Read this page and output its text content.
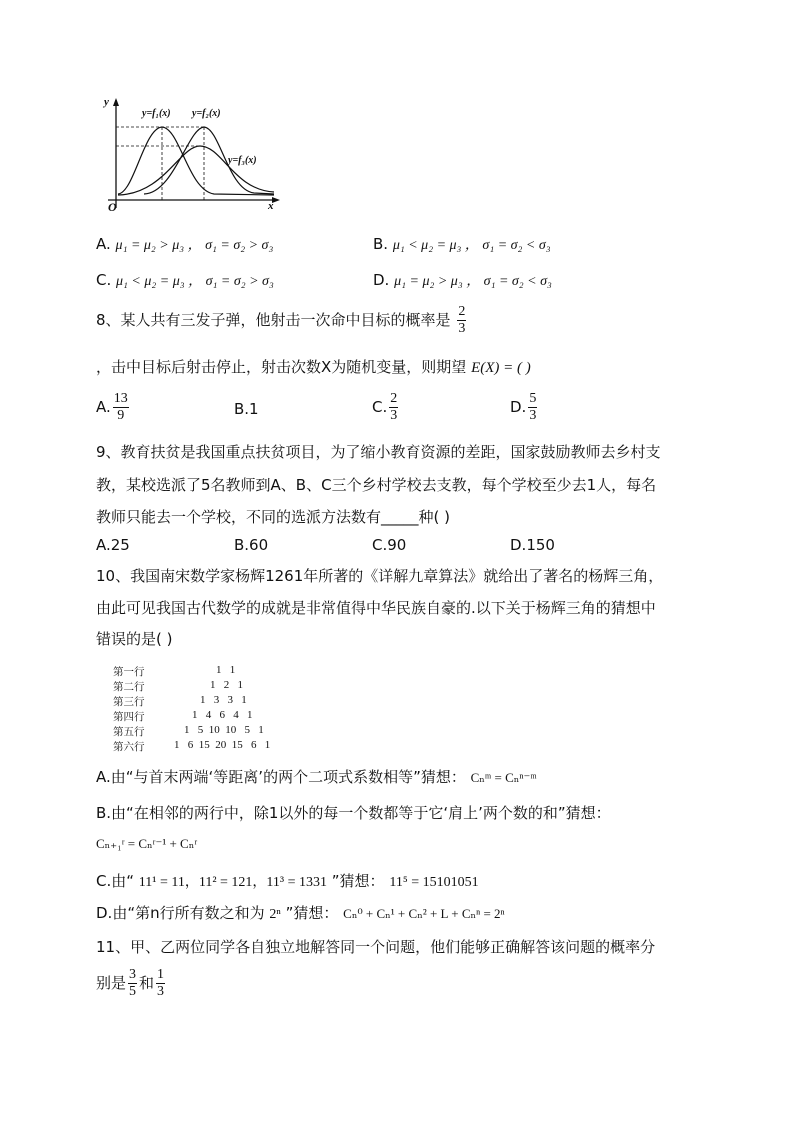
y
x
O
y=f₁(x) y=f₂(x)
y=f₃(x)
A. μ₁ = μ₂ > μ₃ ， σ₁ = σ₂ > σ₃	B. μ₁ < μ₂ = μ₃ ， σ₁ = σ₂ < σ₃
C. μ₁ < μ₂ = μ₃ ， σ₁ = σ₂ > σ₃	D. μ₁ = μ₂ > μ₃ ， σ₁ = σ₂ < σ₃
8、某人共有三发子弹，他射击一次命中目标的概率是 $\frac{2}{3}$
，击中目标后射击停止，射击次数X为随机变量，则期望 E(X) = ( )
A. $\frac{13}{9}$	B.1	C. $\frac{2}{3}$	D. $\frac{5}{3}$
9、教育扶贫是我国重点扶贫项目，为了缩小教育资源的差距，国家鼓励教师去乡村支
教，某校选派了5名教师到A、B、C三个乡村学校去支教，每个学校至少去1人，每名
教师只能去一个学校，不同的选派方法数有_____种( )
A.25	B.60	C.90	D.150
10、我国南宋数学家杨辉1261年所著的《详解九章算法》就给出了著名的杨辉三角，
由此可见我国古代数学的成就是非常值得中华民族自豪的.以下关于杨辉三角的猜想中
错误的是( )
第一行	1   1
第二行	1   2   1
第三行	1   3   3   1
第四行	1   4   6   4   1
第五行	1   5  10  10   5   1
第六行	1   6  15  20  15   6   1
A.由“与首末两端‘等距离’的两个二项式系数相等”猜想： Cₙᵐ = Cₙⁿ⁻ᵐ
B.由“在相邻的两行中，除1以外的每一个数都等于它‘肩上’两个数的和”猜想：
Cₙ₊₁ʳ = Cₙʳ⁻¹ + Cₙʳ
C.由“ 11¹ = 11，11² = 121，11³ = 1331 ”猜想： 11⁵ = 15101051
D.由“第n行所有数之和为 2ⁿ ”猜想： Cₙ⁰ + Cₙ¹ + Cₙ² + L + Cₙⁿ = 2ⁿ
11、甲、乙两位同学各自独立地解答同一个问题，他们能够正确解答该问题的概率分
别是 $\frac{3}{5}$ 和 $\frac{1}{3}$
